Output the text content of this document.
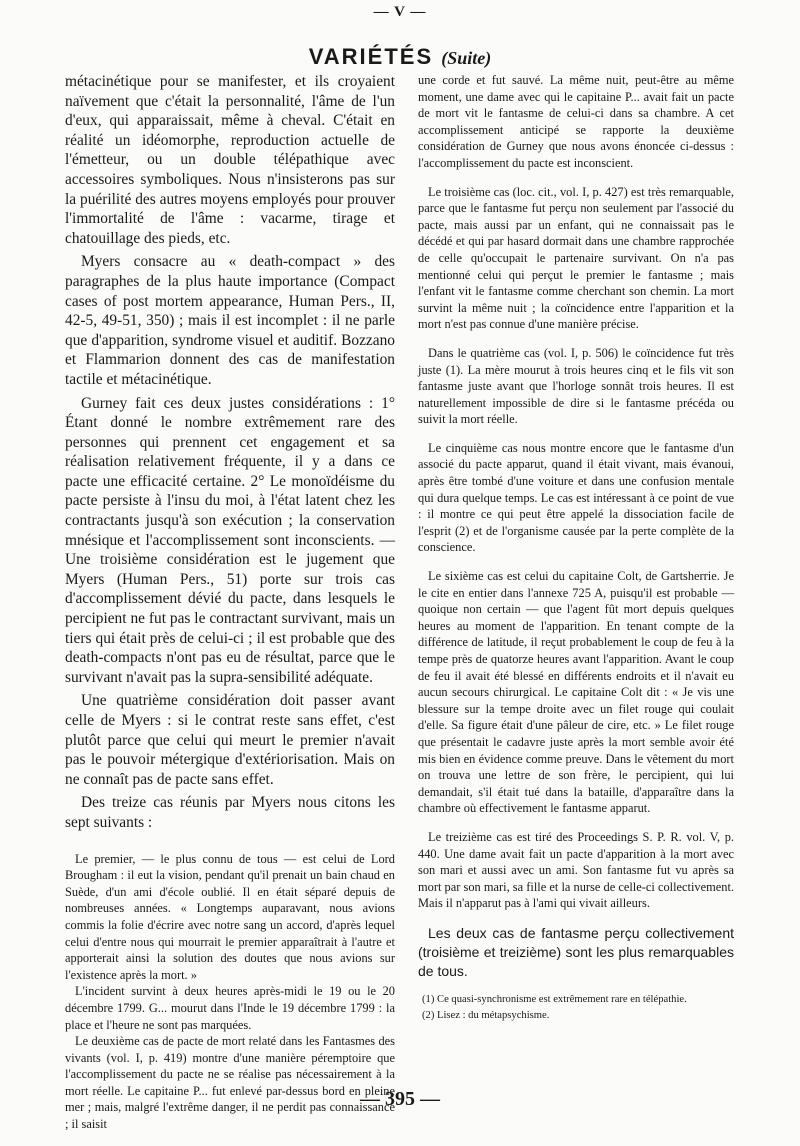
— V —
VARIÉTÉS (Suite)

métacinétique pour se manifester, et ils croyaient naïvement que c'était la personnalité, l'âme de l'un d'eux, qui apparaissait, même à cheval. C'était en réalité un idéomorphe, reproduction actuelle de l'émetteur, ou un double télépathique avec accessoires symboliques. Nous n'insisterons pas sur la puérilité des autres moyens employés pour prouver l'immortalité de l'âme : vacarme, tirage et chatouillage des pieds, etc.

Myers consacre au « death-compact » des paragraphes de la plus haute importance (Compact cases of post mortem appearance, Human Pers., II, 42-5, 49-51, 350) ; mais il est incomplet : il ne parle que d'apparition, syndrome visuel et auditif. Bozzano et Flammarion donnent des cas de manifestation tactile et métacinétique.

Gurney fait ces deux justes considérations : 1° Étant donné le nombre extrêmement rare des personnes qui prennent cet engagement et sa réalisation relativement fréquente, il y a dans ce pacte une efficacité certaine. 2° Le monoïdéisme du pacte persiste à l'insu du moi, à l'état latent chez les contractants jusqu'à son exécution ; la conservation mnésique et l'accomplissement sont inconscients. — Une troisième considération est le jugement que Myers (Human Pers., 51) porte sur trois cas d'accomplissement dévié du pacte, dans lesquels le percipient ne fut pas le contractant survivant, mais un tiers qui était près de celui-ci ; il est probable que des death-compacts n'ont pas eu de résultat, parce que le survivant n'avait pas la supra-sensibilité adéquate.

Une quatrième considération doit passer avant celle de Myers : si le contrat reste sans effet, c'est plutôt parce que celui qui meurt le premier n'avait pas le pouvoir métergique d'extériorisation. Mais on ne connaît pas de pacte sans effet.

Des treize cas réunis par Myers nous citons les sept suivants :

Le premier, — le plus connu de tous — est celui de Lord Brougham : il eut la vision, pendant qu'il prenait un bain chaud en Suède, d'un ami d'école oublié. Il en était séparé depuis de nombreuses années. « Longtemps auparavant, nous avions commis la folie d'écrire avec notre sang un accord, d'après lequel celui d'entre nous qui mourrait le premier apparaîtrait à l'autre et apporterait ainsi la solution des doutes que nous avions sur l'existence après la mort. »

L'incident survint à deux heures après-midi le 19 ou le 20 décembre 1799. G... mourut dans l'Inde le 19 décembre 1799 : la place et l'heure ne sont pas marquées.

Le deuxième cas de pacte de mort relaté dans les Fantasmes des vivants (vol. I, p. 419) montre d'une manière péremptoire que l'accomplissement du pacte ne se réalise pas nécessairement à la mort réelle. Le capitaine P... fut enlevé par-dessus bord en pleine mer ; mais, malgré l'extrême danger, il ne perdit pas connaissance ; il saisit

une corde et fut sauvé. La même nuit, peut-être au même moment, une dame avec qui le capitaine P... avait fait un pacte de mort vit le fantasme de celui-ci dans sa chambre. A cet accomplissement anticipé se rapporte la deuxième considération de Gurney que nous avons énoncée ci-dessus : l'accomplissement du pacte est inconscient.

Le troisième cas (loc. cit., vol. I, p. 427) est très remarquable, parce que le fantasme fut perçu non seulement par l'associé du pacte, mais aussi par un enfant, qui ne connaissait pas le décédé et qui par hasard dormait dans une chambre rapprochée de celle qu'occupait le partenaire survivant. On n'a pas mentionné celui qui perçut le premier le fantasme ; mais l'enfant vit le fantasme comme cherchant son chemin. La mort survint la même nuit ; la coïncidence entre l'apparition et la mort n'est pas connue d'une manière précise.

Dans le quatrième cas (vol. I, p. 506) le coïncidence fut très juste (1). La mère mourut à trois heures cinq et le fils vit son fantasme juste avant que l'horloge sonnât trois heures. Il est naturellement impossible de dire si le fantasme précéda ou suivit la mort réelle.

Le cinquième cas nous montre encore que le fantasme d'un associé du pacte apparut, quand il était vivant, mais évanoui, après être tombé d'une voiture et dans une confusion mentale qui dura quelque temps. Le cas est intéressant à ce point de vue : il montre ce qui peut être appelé la dissociation facile de l'esprit (2) et de l'organisme causée par la perte complète de la conscience.

Le sixième cas est celui du capitaine Colt, de Gartsherrie. Je le cite en entier dans l'annexe 725 A, puisqu'il est probable — quoique non certain — que l'agent fût mort depuis quelques heures au moment de l'apparition. En tenant compte de la différence de latitude, il reçut probablement le coup de feu à la tempe près de quatorze heures avant l'apparition. Avant le coup de feu il avait été blessé en différents endroits et il n'avait eu aucun secours chirurgical. Le capitaine Colt dit : « Je vis une blessure sur la tempe droite avec un filet rouge qui coulait d'elle. Sa figure était d'une pâleur de cire, etc. » Le filet rouge que présentait le cadavre juste après la mort semble avoir été mis bien en évidence comme preuve. Dans le vêtement du mort on trouva une lettre de son frère, le percipient, qui lui demandait, s'il était tué dans la bataille, d'apparaître dans la chambre où effectivement le fantasme apparut.

Le treizième cas est tiré des Proceedings S. P. R. vol. V, p. 440. Une dame avait fait un pacte d'apparition à la mort avec son mari et aussi avec un ami. Son fantasme fut vu après sa mort par son mari, sa fille et la nurse de celle-ci collectivement. Mais il n'apparut pas à l'ami qui vivait ailleurs.

Les deux cas de fantasme perçu collectivement (troisième et treizième) sont les plus remarquables de tous.

(1) Ce quasi-synchronisme est extrêmement rare en télépathie.

(2) Lisez : du métapsychisme.

— 395 —
